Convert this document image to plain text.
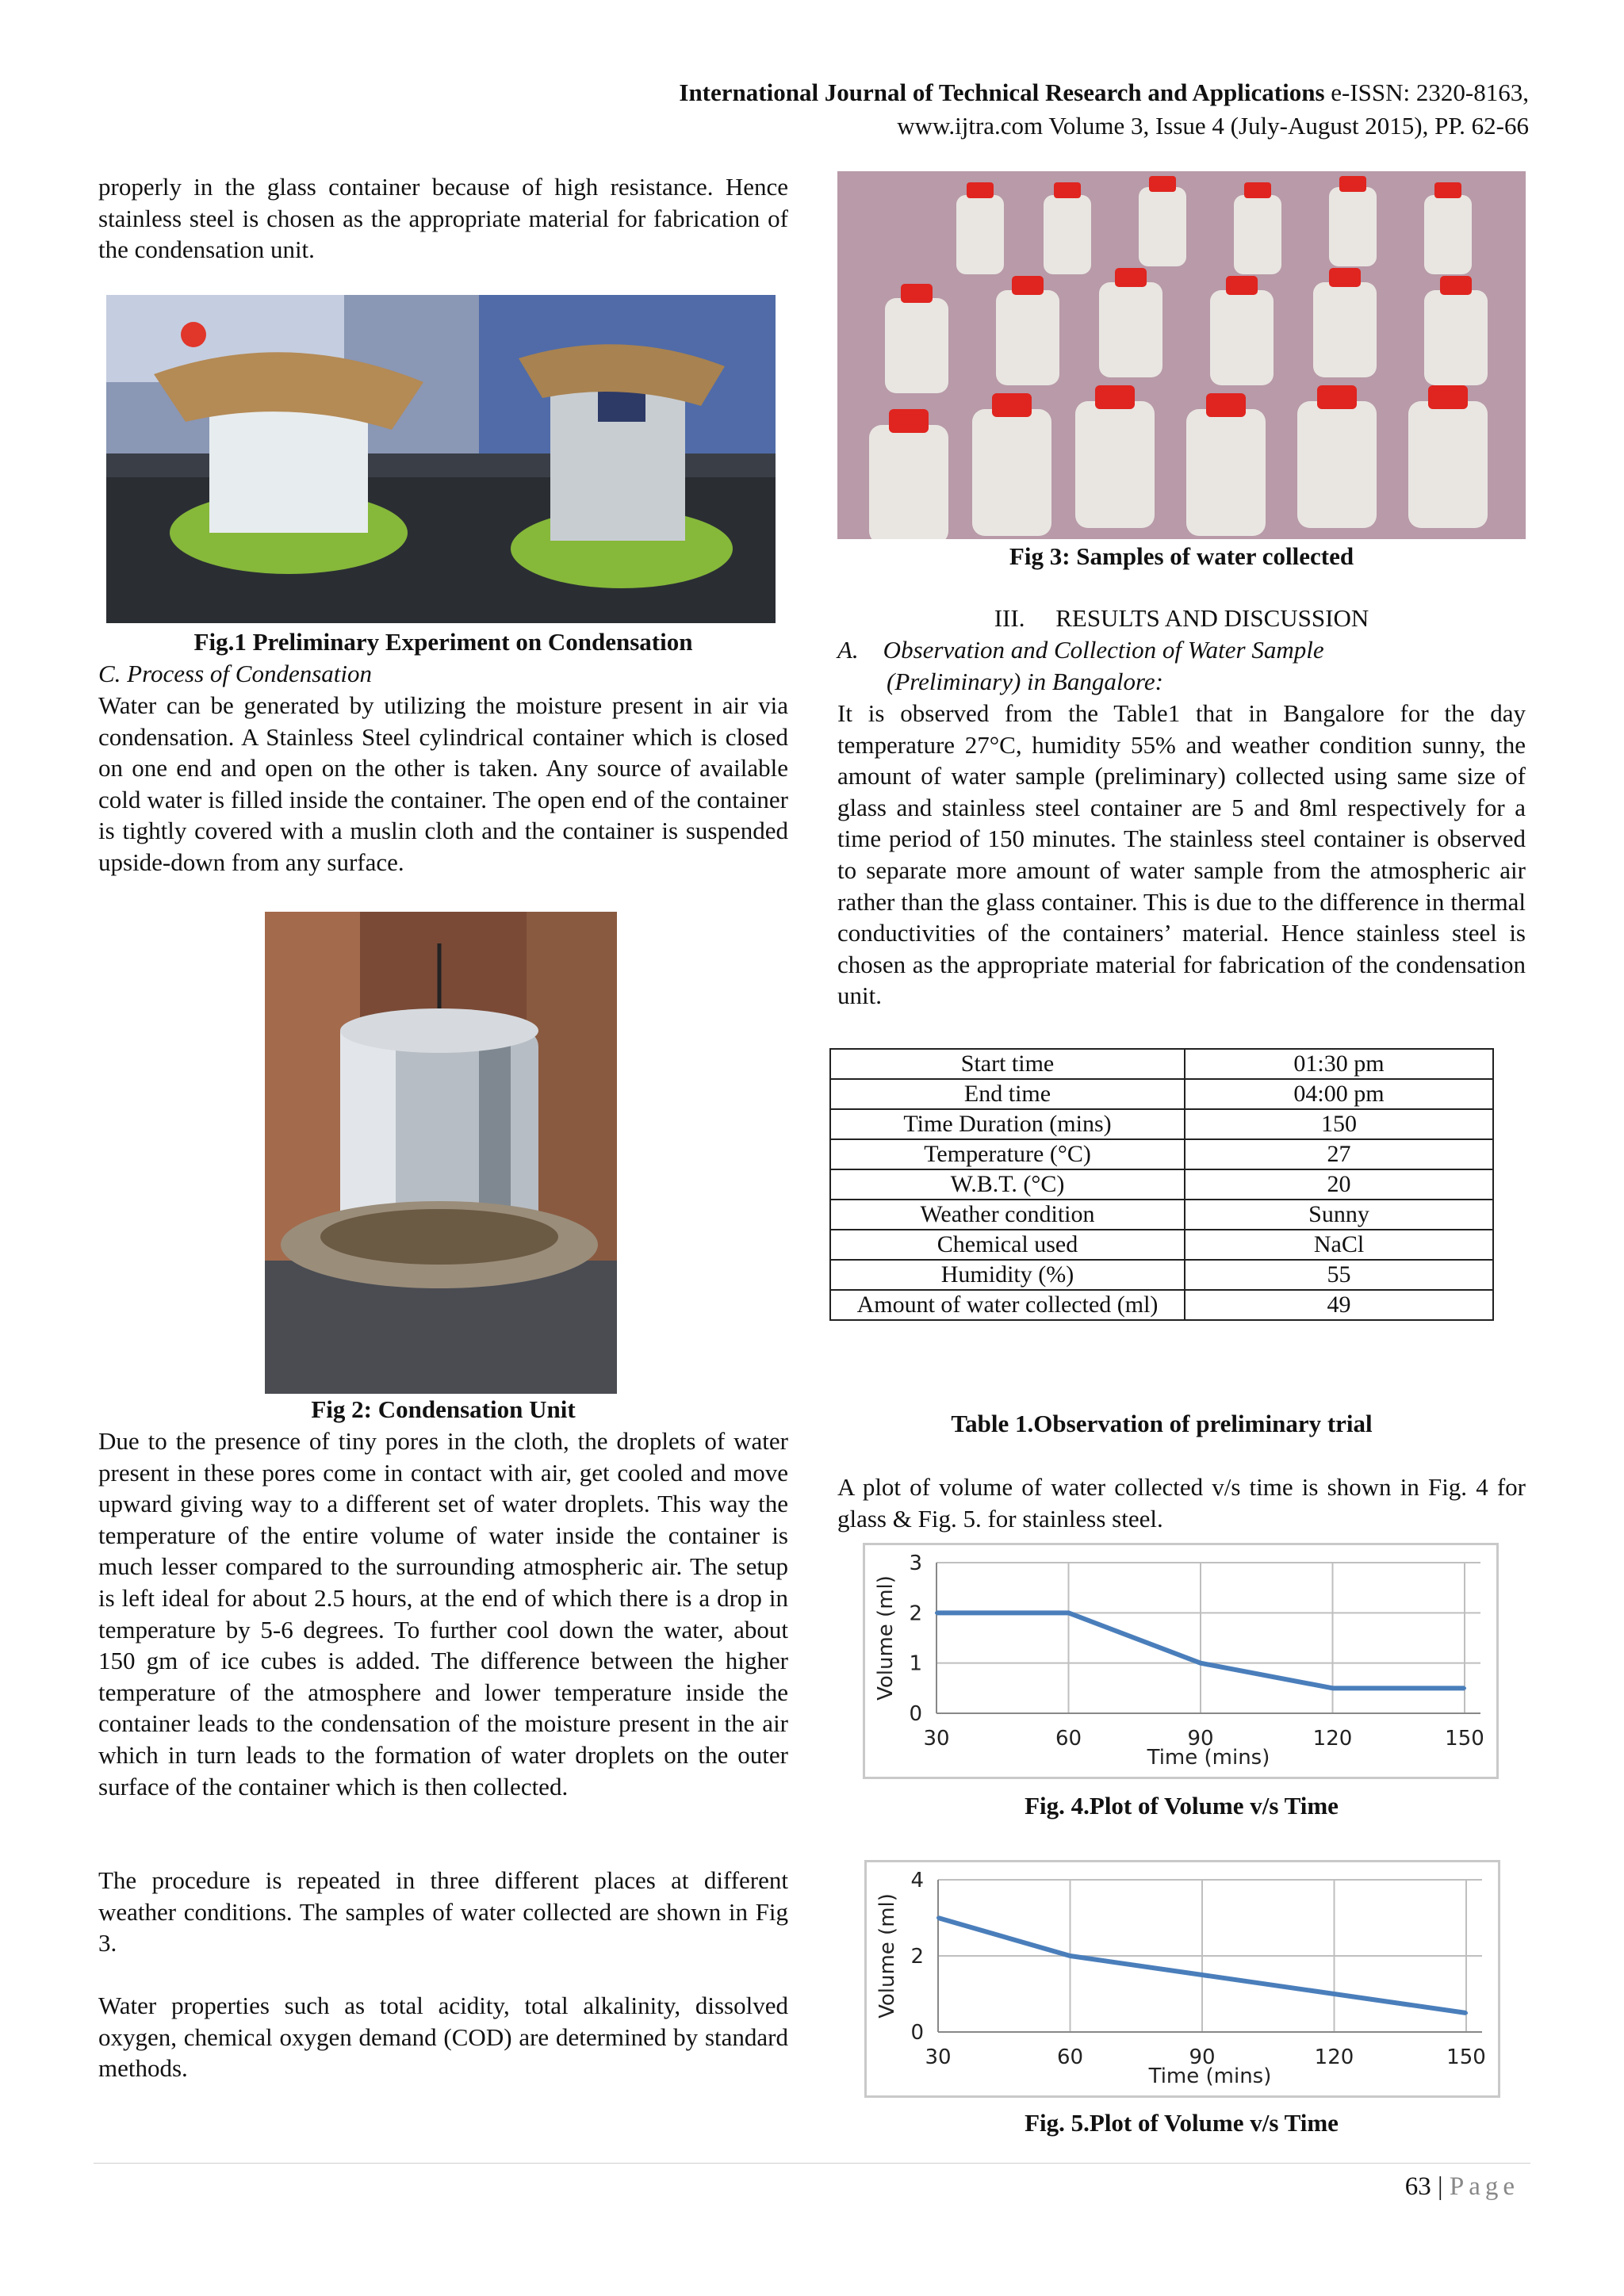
International Journal of Technical Research and Applications e-ISSN: 2320-8163,
www.ijtra.com Volume 3, Issue 4 (July-August 2015), PP. 62-66
properly in the glass container because of high resistance. Hence stainless steel is chosen as the appropriate material for fabrication of the condensation unit.
Fig.1 Preliminary Experiment on Condensation
C. Process of Condensation
Water can be generated by utilizing the moisture present in air via condensation. A Stainless Steel cylindrical container which is closed on one end and open on the other is taken. Any source of available cold water is filled inside the container. The open end of the container is tightly covered with a muslin cloth and the container is suspended upside-down from any surface.
Fig 2: Condensation Unit
Due to the presence of tiny pores in the cloth, the droplets of water present in these pores come in contact with air, get cooled and move upward giving way to a different set of water droplets. This way the temperature of the entire volume of water inside the container is much lesser compared to the surrounding atmospheric air. The setup is left ideal for about 2.5 hours, at the end of which there is a drop in temperature by 5-6 degrees. To further cool down the water, about 150 gm of ice cubes is added. The difference between the higher temperature of the atmosphere and lower temperature inside the container leads to the condensation of the moisture present in the air which in turn leads to the formation of water droplets on the outer surface of the container which is then collected.
The procedure is repeated in three different places at different weather conditions. The samples of water collected are shown in Fig 3.
Water properties such as total acidity, total alkalinity, dissolved oxygen, chemical oxygen demand (COD) are determined by standard methods.
Fig 3: Samples of water collected
III.     RESULTS AND DISCUSSION
A.    Observation and Collection of Water Sample
(Preliminary) in Bangalore:
It is observed from the Table1 that in Bangalore for the day temperature 27°C, humidity 55% and weather condition sunny, the amount of water sample (preliminary) collected using same size of glass and stainless steel container are 5 and 8ml respectively for a time period of 150 minutes. The stainless steel container is observed to separate more amount of water sample from the atmospheric air rather than the glass container. This is due to the difference in thermal conductivities of the containers’ material. Hence stainless steel is chosen as the appropriate material for fabrication of the condensation unit.
Start time	01:30 pm
End time	04:00 pm
Time Duration (mins)	150
Temperature (°C)	27
W.B.T. (°C)	20
Weather condition	Sunny
Chemical used	NaCl
Humidity (%)	55
Amount of water collected (ml)	49
Table 1.Observation of preliminary trial
A plot of volume of water collected v/s time is shown in Fig. 4 for glass & Fig. 5. for stainless steel.
0
1
2
3
30	60	90	120	150
Time (mins)
Volume (ml)
Fig. 4.Plot of Volume v/s Time
0
2
4
30	60	90	120	150
Time (mins)
Volume (ml)
Fig. 5.Plot of Volume v/s Time
63 | Page
